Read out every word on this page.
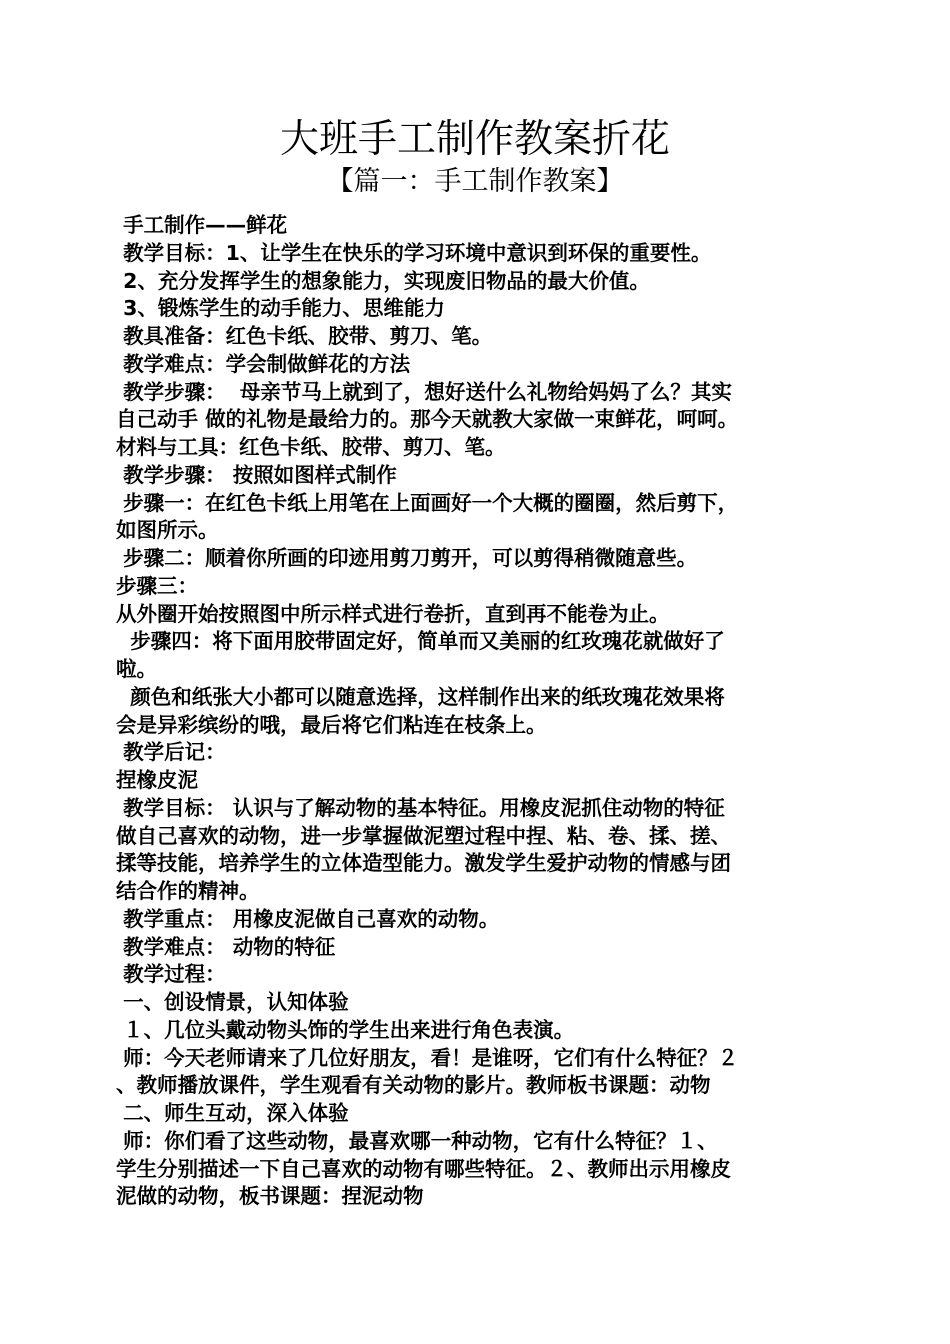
大班手工制作教案折花
【篇一：手工制作教案】
手工制作——鲜花
教学目标：1、让学生在快乐的学习环境中意识到环保的重要性。
2、充分发挥学生的想象能力，实现废旧物品的最大价值。
3、锻炼学生的动手能力、思维能力
教具准备：红色卡纸、胶带、剪刀、笔。
教学难点：学会制做鲜花的方法
教学步骤：  母亲节马上就到了，想好送什么礼物给妈妈了么？其实
自己动手 做的礼物是最给力的。那今天就教大家做一束鲜花，呵呵。
材料与工具：红色卡纸、胶带、剪刀、笔。
教学步骤： 按照如图样式制作
步骤一：在红色卡纸上用笔在上面画好一个大概的圈圈，然后剪下，
如图所示。
步骤二：顺着你所画的印迹用剪刀剪开，可以剪得稍微随意些。
步骤三：
从外圈开始按照图中所示样式进行卷折，直到再不能卷为止。
步骤四：将下面用胶带固定好，简单而又美丽的红玫瑰花就做好了
啦。
颜色和纸张大小都可以随意选择，这样制作出来的纸玫瑰花效果将
会是异彩缤纷的哦，最后将它们粘连在枝条上。
教学后记：
捏橡皮泥
教学目标： 认识与了解动物的基本特征。用橡皮泥抓住动物的特征
做自己喜欢的动物，进一步掌握做泥塑过程中捏、粘、卷、揉、搓、
揉等技能，培养学生的立体造型能力。激发学生爱护动物的情感与团
结合作的精神。
教学重点： 用橡皮泥做自己喜欢的动物。
教学难点： 动物的特征
教学过程：
一、创设情景，认知体验
１、几位头戴动物头饰的学生出来进行角色表演。
师：今天老师请来了几位好朋友，看！是谁呀，它们有什么特征？２
、教师播放课件，学生观看有关动物的影片。教师板书课题：动物
二、师生互动，深入体验
师：你们看了这些动物，最喜欢哪一种动物，它有什么特征？１、
学生分别描述一下自己喜欢的动物有哪些特征。２、教师出示用橡皮
泥做的动物，板书课题：捏泥动物
